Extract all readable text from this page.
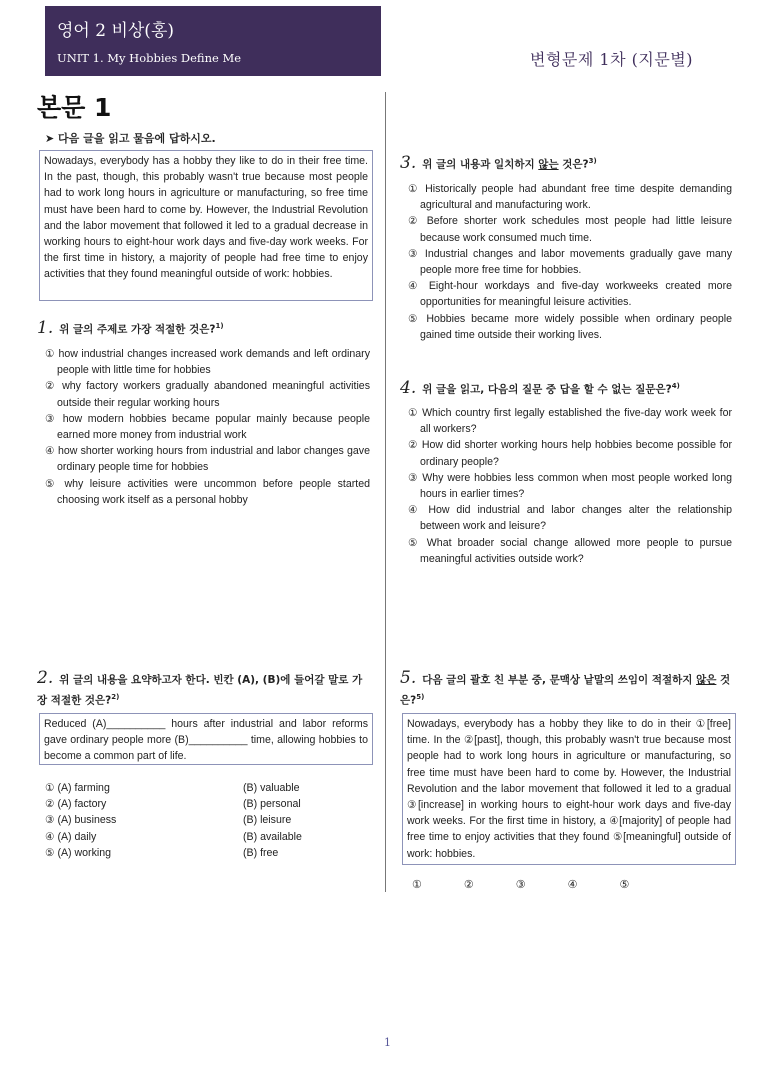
영어 2 비상(홍)
UNIT 1. My Hobbies Define Me	변형문제 1차 (지문별)
본문 1
➤ 다음 글을 읽고 물음에 답하시오.
Nowadays, everybody has a hobby they like to do in their free time. In the past, though, this probably wasn't true because most people had to work long hours in agriculture or manufacturing, so free time must have been hard to come by. However, the Industrial Revolution and the labor movement that followed it led to a gradual decrease in working hours to eight-hour work days and five-day work weeks. For the first time in history, a majority of people had free time to enjoy activities that they found meaningful outside of work: hobbies.
1. 위 글의 주제로 가장 적절한 것은?$^{1)}$
① how industrial changes increased work demands and left ordinary people with little time for hobbies
② why factory workers gradually abandoned meaningful activities outside their regular working hours
③ how modern hobbies became popular mainly because people earned more money from industrial work
④ how shorter working hours from industrial and labor changes gave ordinary people time for hobbies
⑤ why leisure activities were uncommon before people started choosing work itself as a personal hobby
2. 위 글의 내용을 요약하고자 한다. 빈칸 (A), (B)에 들어갈 말로 가장 적절한 것은?$^{2)}$
Reduced (A)__________ hours after industrial and labor reforms gave ordinary people more (B)__________ time, allowing hobbies to become a common part of life.
① (A) farming	(B) valuable
② (A) factory	(B) personal
③ (A) business	(B) leisure
④ (A) daily	(B) available
⑤ (A) working	(B) free
3. 위 글의 내용과 일치하지 않는 것은?$^{3)}$
① Historically people had abundant free time despite demanding agricultural and manufacturing work.
② Before shorter work schedules most people had little leisure because work consumed much time.
③ Industrial changes and labor movements gradually gave many people more free time for hobbies.
④ Eight-hour workdays and five-day workweeks created more opportunities for meaningful leisure activities.
⑤ Hobbies became more widely possible when ordinary people gained time outside their working lives.
4. 위 글을 읽고, 다음의 질문 중 답을 할 수 없는 질문은?$^{4)}$
① Which country first legally established the five-day work week for all workers?
② How did shorter working hours help hobbies become possible for ordinary people?
③ Why were hobbies less common when most people worked long hours in earlier times?
④ How did industrial and labor changes alter the relationship between work and leisure?
⑤ What broader social change allowed more people to pursue meaningful activities outside work?
5. 다음 글의 괄호 친 부분 중, 문맥상 낱말의 쓰임이 적절하지 않은 것은?$^{5)}$
Nowadays, everybody has a hobby they like to do in their ①[free] time. In the ②[past], though, this probably wasn't true because most people had to work long hours in agriculture or manufacturing, so free time must have been hard to come by. However, the Industrial Revolution and the labor movement that followed it led to a gradual ③[increase] in working hours to eight-hour work days and five-day work weeks. For the first time in history, a ④[majority] of people had free time to enjoy activities that they found ⑤[meaningful] outside of work: hobbies.
①	②	③	④	⑤
1
